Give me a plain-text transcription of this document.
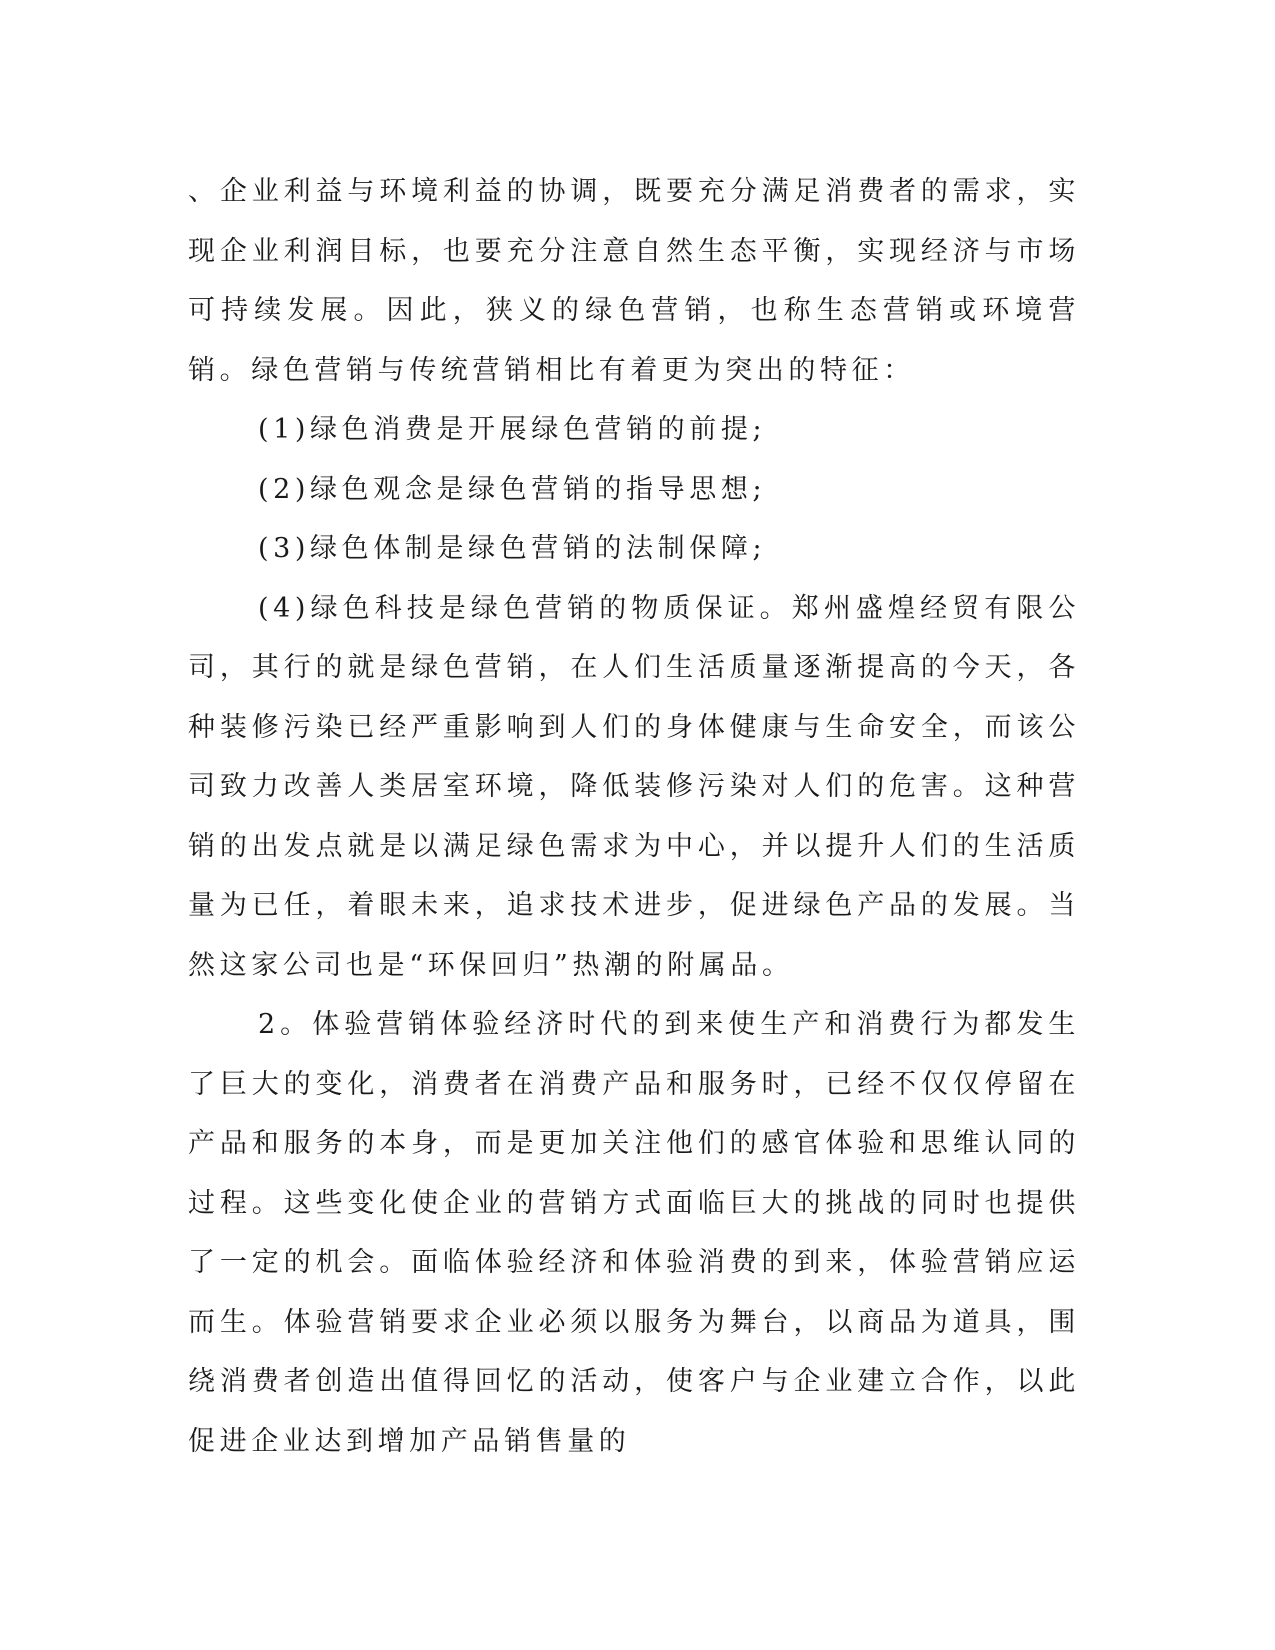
、企业利益与环境利益的协调，既要充分满足消费者的需求，实现企业利润目标，也要充分注意自然生态平衡，实现经济与市场可持续发展。因此，狭义的绿色营销，也称生态营销或环境营销。绿色营销与传统营销相比有着更为突出的特征：

(1)绿色消费是开展绿色营销的前提;

(2)绿色观念是绿色营销的指导思想;

(3)绿色体制是绿色营销的法制保障;

(4)绿色科技是绿色营销的物质保证。郑州盛煌经贸有限公司，其行的就是绿色营销，在人们生活质量逐渐提高的今天，各种装修污染已经严重影响到人们的身体健康与生命安全，而该公司致力改善人类居室环境，降低装修污染对人们的危害。这种营销的出发点就是以满足绿色需求为中心，并以提升人们的生活质量为已任，着眼未来，追求技术进步，促进绿色产品的发展。当然这家公司也是“环保回归”热潮的附属品。

2。体验营销体验经济时代的到来使生产和消费行为都发生了巨大的变化，消费者在消费产品和服务时，已经不仅仅停留在产品和服务的本身，而是更加关注他们的感官体验和思维认同的过程。这些变化使企业的营销方式面临巨大的挑战的同时也提供了一定的机会。面临体验经济和体验消费的到来，体验营销应运而生。体验营销要求企业必须以服务为舞台，以商品为道具，围绕消费者创造出值得回忆的活动，使客户与企业建立合作，以此促进企业达到增加产品销售量的
